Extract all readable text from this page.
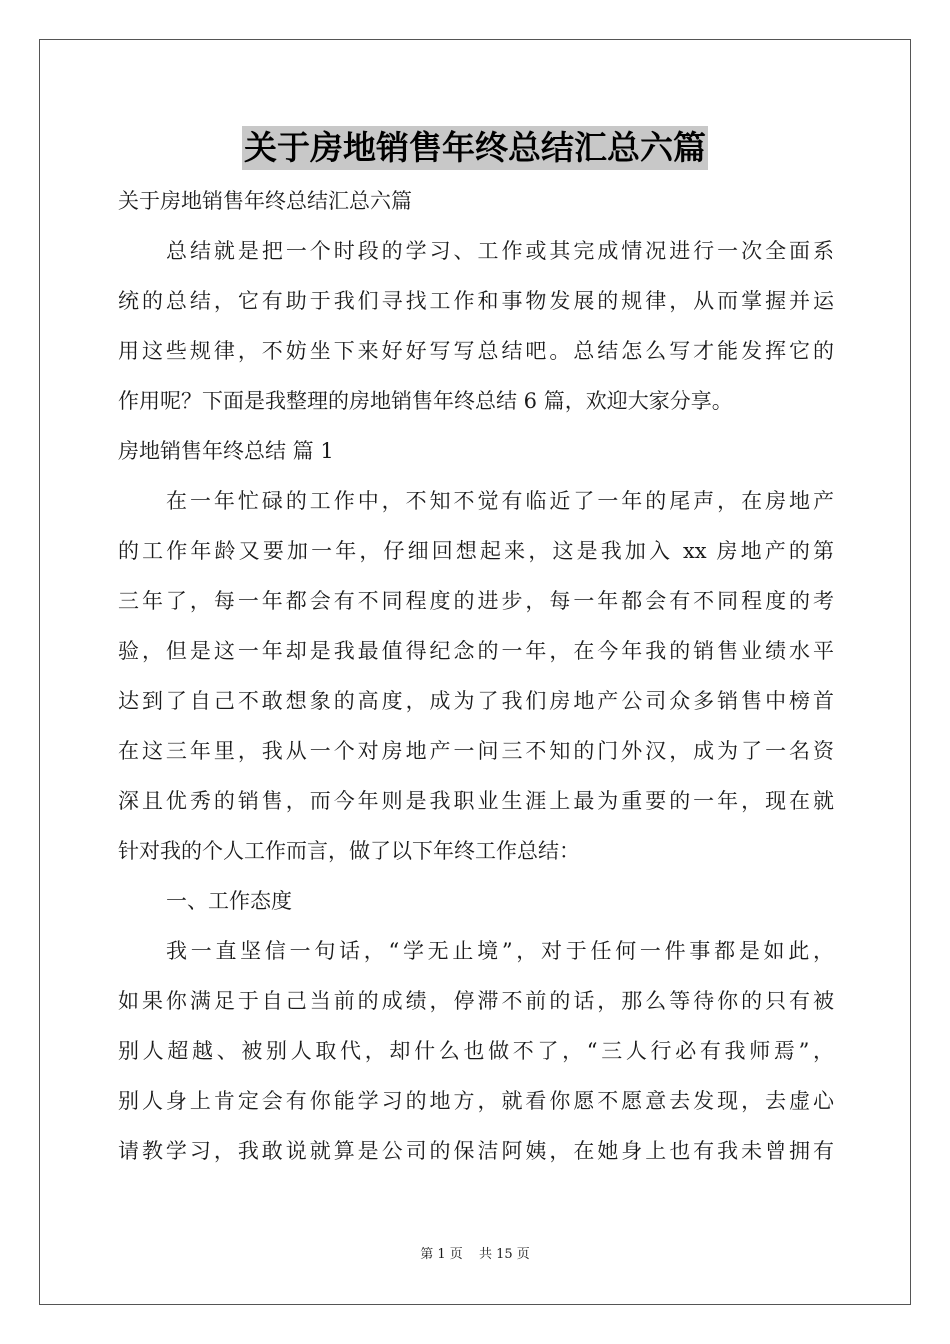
关于房地销售年终总结汇总六篇
关于房地销售年终总结汇总六篇
总结就是把一个时段的学习、工作或其完成情况进行一次全面系
统的总结，它有助于我们寻找工作和事物发展的规律，从而掌握并运
用这些规律，不妨坐下来好好写写总结吧。总结怎么写才能发挥它的
作用呢？下面是我整理的房地销售年终总结 6 篇，欢迎大家分享。
房地销售年终总结 篇 1
在一年忙碌的工作中，不知不觉有临近了一年的尾声，在房地产
的工作年龄又要加一年，仔细回想起来，这是我加入 xx 房地产的第
三年了，每一年都会有不同程度的进步，每一年都会有不同程度的考
验，但是这一年却是我最值得纪念的一年，在今年我的销售业绩水平
达到了自己不敢想象的高度，成为了我们房地产公司众多销售中榜首
在这三年里，我从一个对房地产一问三不知的门外汉，成为了一名资
深且优秀的销售，而今年则是我职业生涯上最为重要的一年，现在就
针对我的个人工作而言，做了以下年终工作总结：
一、工作态度
我一直坚信一句话，“学无止境”，对于任何一件事都是如此，
如果你满足于自己当前的成绩，停滞不前的话，那么等待你的只有被
别人超越、被别人取代，却什么也做不了，“三人行必有我师焉”，
别人身上肯定会有你能学习的地方，就看你愿不愿意去发现，去虚心
请教学习，我敢说就算是公司的保洁阿姨，在她身上也有我未曾拥有
第 1 页 共 15 页
